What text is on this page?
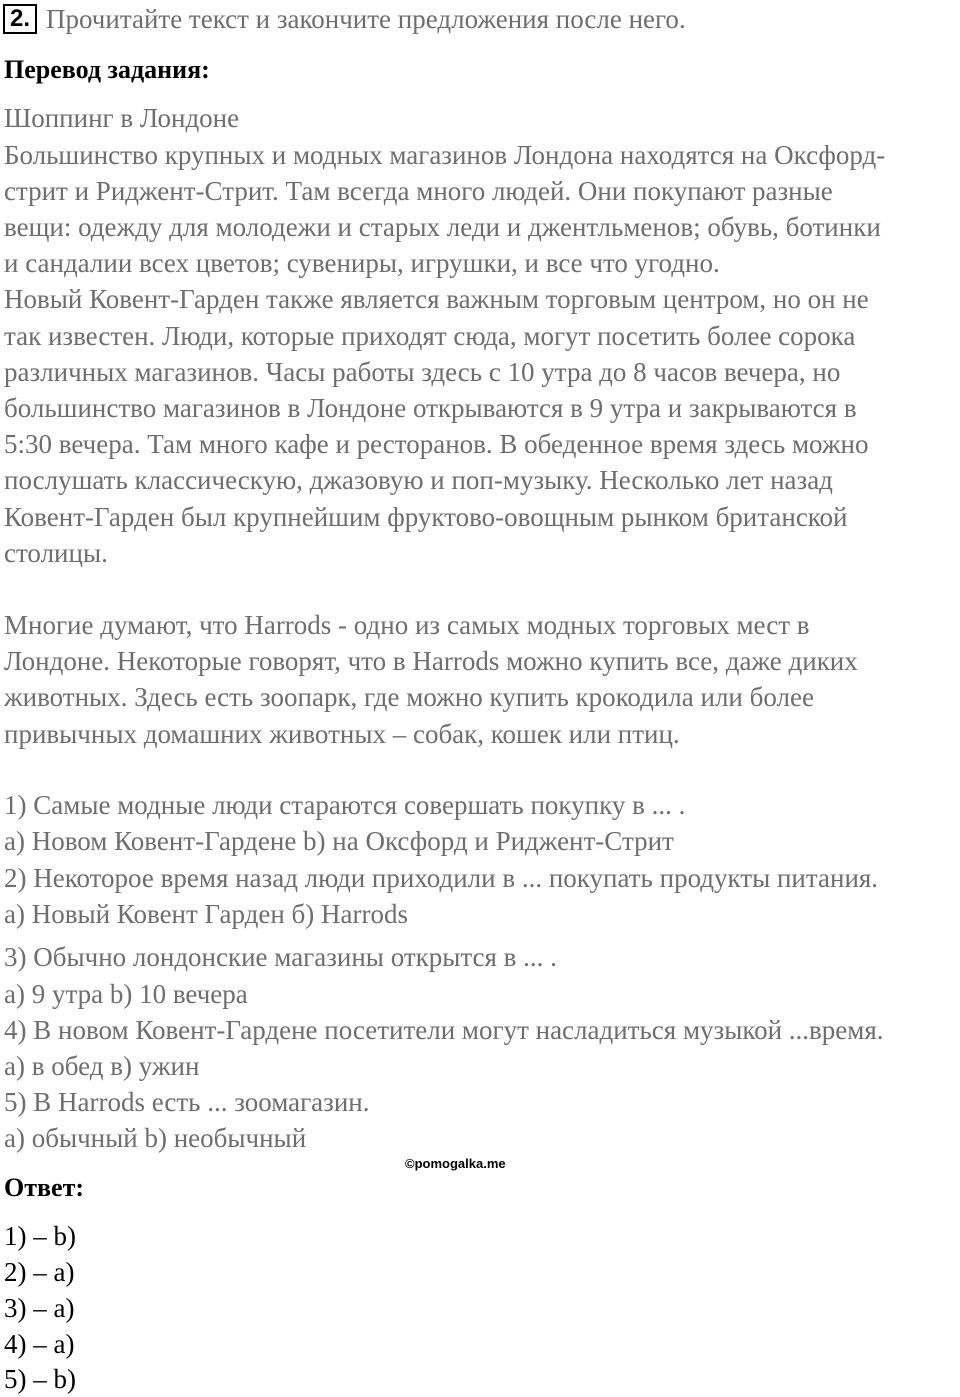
2. Прочитайте текст и закончите предложения после него.
Перевод задания:
Шоппинг в Лондоне
Большинство крупных и модных магазинов Лондона находятся на Оксфорд-
стрит и Риджент-Стрит. Там всегда много людей. Они покупают разные
вещи: одежду для молодежи и старых леди и джентльменов; обувь, ботинки
и сандалии всех цветов; сувениры, игрушки, и все что угодно.
Новый Ковент-Гарден также является важным торговым центром, но он не
так известен. Люди, которые приходят сюда, могут посетить более сорока
различных магазинов. Часы работы здесь с 10 утра до 8 часов вечера, но
большинство магазинов в Лондоне открываются в 9 утра и закрываются в
5:30 вечера. Там много кафе и ресторанов. В обеденное время здесь можно
послушать классическую, джазовую и поп-музыку. Несколько лет назад
Ковент-Гарден был крупнейшим фруктово-овощным рынком британской
столицы.
Многие думают, что Harrods - одно из самых модных торговых мест в
Лондоне. Некоторые говорят, что в Harrods можно купить все, даже диких
животных. Здесь есть зоопарк, где можно купить крокодила или более
привычных домашних животных – собак, кошек или птиц.
1) Самые модные люди стараются совершать покупку в ... .
a) Новом Ковент-Гардене b) на Оксфорд и Риджент-Стрит
2) Некоторое время назад люди приходили в ... покупать продукты питания.
a) Новый Ковент Гарден б) Harrods
3) Обычно лондонские магазины открытся в ... .
a) 9 утра b) 10 вечера
4) В новом Ковент-Гардене посетители могут насладиться музыкой ...время.
a) в обед в) ужин
5) В Harrods есть ... зоомагазин.
a) обычный b) необычный
©pomogalka.me
Ответ:
1) – b)
2) – a)
3) – a)
4) – a)
5) – b)
